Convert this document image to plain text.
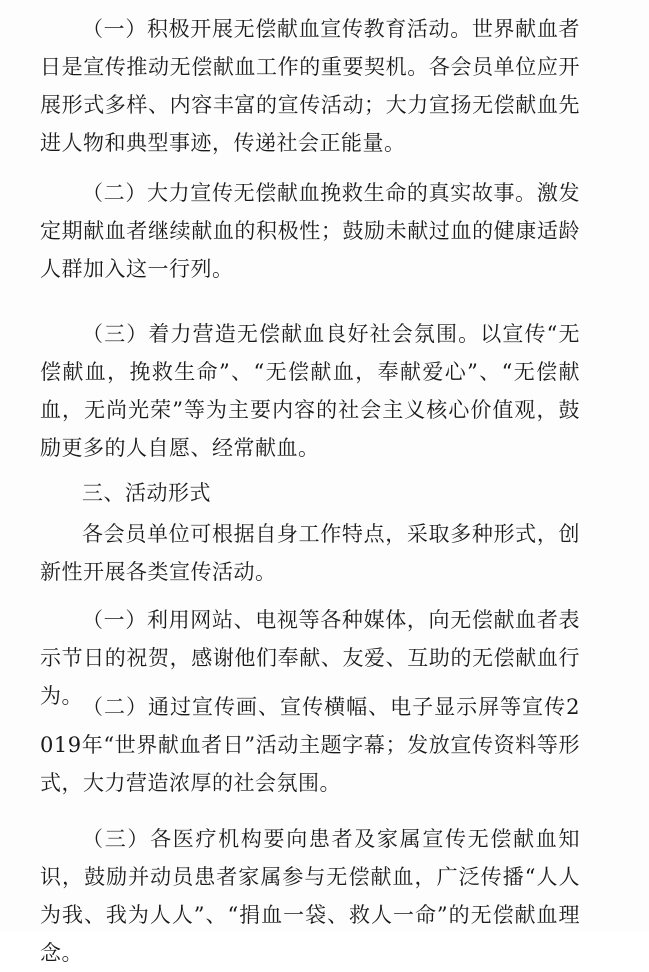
（一）积极开展无偿献血宣传教育活动。世界献血者日是宣传推动无偿献血工作的重要契机。各会员单位应开展形式多样、内容丰富的宣传活动；大力宣扬无偿献血先进人物和典型事迹，传递社会正能量。

（二）大力宣传无偿献血挽救生命的真实故事。激发定期献血者继续献血的积极性；鼓励未献过血的健康适龄人群加入这一行列。

（三）着力营造无偿献血良好社会氛围。以宣传“无偿献血，挽救生命”、“无偿献血，奉献爱心”、“无偿献血，无尚光荣”等为主要内容的社会主义核心价值观，鼓励更多的人自愿、经常献血。

三、活动形式

各会员单位可根据自身工作特点，采取多种形式，创新性开展各类宣传活动。

（一）利用网站、电视等各种媒体，向无偿献血者表示节日的祝贺，感谢他们奉献、友爱、互助的无偿献血行为。 （二）通过宣传画、宣传横幅、电子显示屏等宣传2019年“世界献血者日”活动主题字幕；发放宣传资料等形式，大力营造浓厚的社会氛围。

（三）各医疗机构要向患者及家属宣传无偿献血知识，鼓励并动员患者家属参与无偿献血，广泛传播“人人为我、我为人人”、“捐血一袋、救人一命”的无偿献血理念。
